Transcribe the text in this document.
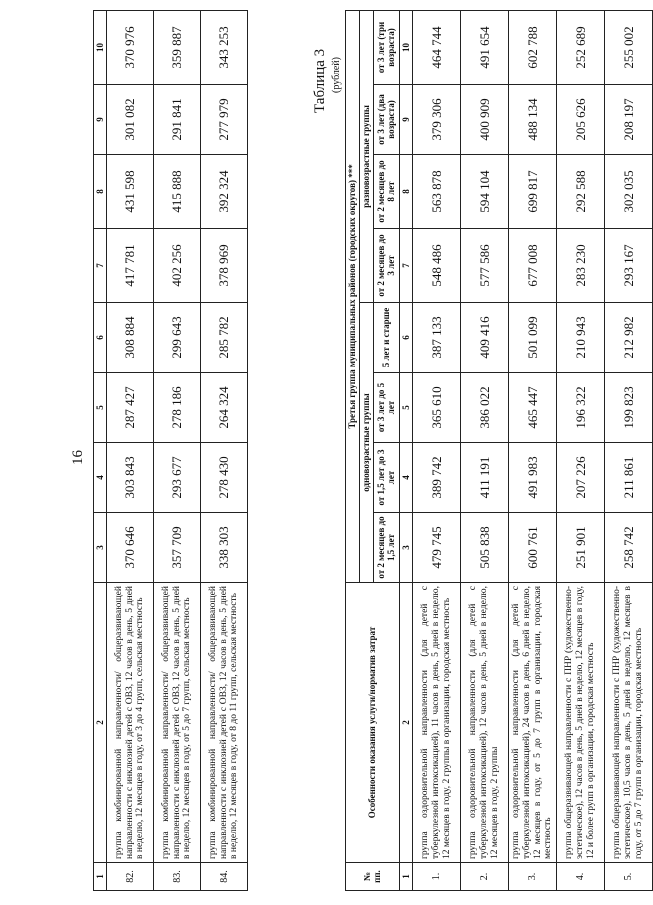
16
1	2	3	4	5	6	7	8	9	10
82.	группа комбинированной направленности/ общеразвивающей направленности с инклюзией детей с ОВЗ, 12 часов в день, 5 дней в неделю, 12 месяцев в году, от 3 до 4 групп, сельская местность	370 646	303 843	287 427	308 884	417 781	431 598	301 082	370 976
83.	группа комбинированной направленности/ общеразвивающей направленности с инклюзией детей с ОВЗ, 12 часов в день, 5 дней в неделю, 12 месяцев в году, от 5 до 7 групп, сельская местность	357 709	293 677	278 186	299 643	402 256	415 888	291 841	359 887
84.	группа комбинированной направленности/ общеразвивающей направленности с инклюзией детей с ОВЗ, 12 часов в день, 5 дней в неделю, 12 месяцев в году, от 8 до 11 групп, сельская местность	338 303	278 430	264 324	285 782	378 969	392 324	277 979	343 253
Таблица 3 (рублей)
№ пп.	Особенности оказания услуги/норматив затрат	Третья группа муниципальных районов (городских округов) ***							
		одновозрастные группы				разновозрастные группы			
		от 2 месяцев до 1,5 лет	от 1,5 лет до 3 лет	от 3 лет до 5 лет	5 лет и старше	от 2 месяцев до 3 лет	от 2 месяцев до 8 лет	от 3 лет (два возраста)	от 3 лет (три возраста)
1	2	3	4	5	6	7	8	9	10
1.	группа оздоровительной направленности (для детей с туберкулезной интоксикацией), 11 часов в день, 5 дней в неделю, 12 месяцев в году, 2 группы в организации, городская местность	479 745	389 742	365 610	387 133	548 486	563 878	379 306	464 744
2.	группа оздоровительной направленности (для детей с туберкулезной интоксикацией), 12 часов в день, 5 дней в неделю, 12 месяцев в году, 2 группы	505 838	411 191	386 022	409 416	577 586	594 104	400 909	491 654
3.	группа оздоровительной направленности (для детей с туберкулезной интоксикацией), 24 часов в день, 6 дней в неделю, 12 месяцев в году, от 5 до 7 групп в организации, городская местность	600 761	491 983	465 447	501 099	677 008	699 817	488 134	602 788
4.	группа общеразвивающей направленности с ПНР (художественно-эстетическое), 12 часов в день, 5 дней в неделю, 12 месяцев в году, 12 и более групп в организации, городская местность	251 901	207 226	196 322	210 943	283 230	292 588	205 626	252 689
5.	группа общеразвивающей направленности с ПНР (художественно-эстетическое), 10,5 часов в день, 5 дней в неделю, 12 месяцев в году, от 5 до 7 групп в организации, городская местность	258 742	211 861	199 823	212 982	293 167	302 035	208 197	255 002
